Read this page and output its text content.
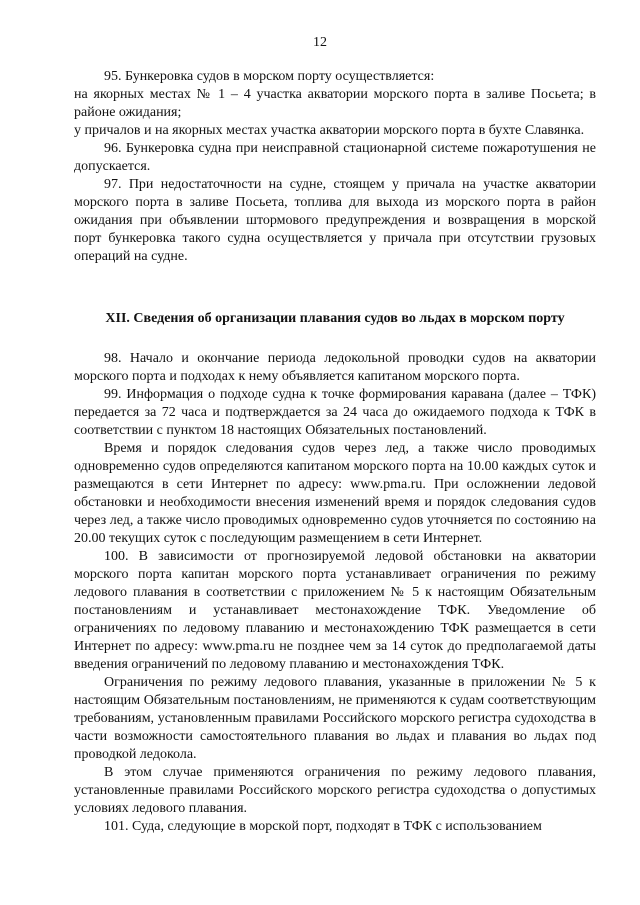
12

95. Бункеровка судов в морском порту осуществляется:

на якорных местах № 1 – 4 участка акватории морского порта в заливе Посьета; в районе ожидания;

у причалов и на якорных местах участка акватории морского порта в бухте Славянка.

96. Бункеровка судна при неисправной стационарной системе пожаротушения не допускается.

97. При недостаточности на судне, стоящем у причала на участке акватории морского порта в заливе Посьета, топлива для выхода из морского порта в район ожидания при объявлении штормового предупреждения и возвращения в морской порт бункеровка такого судна осуществляется у причала при отсутствии грузовых операций на судне.

XII. Сведения об организации плавания судов во льдах в морском порту

98. Начало и окончание периода ледокольной проводки судов на акватории морского порта и подходах к нему объявляется капитаном морского порта.

99. Информация о подходе судна к точке формирования каравана (далее – ТФК) передается за 72 часа и подтверждается за 24 часа до ожидаемого подхода к ТФК в соответствии с пунктом 18 настоящих Обязательных постановлений.

Время и порядок следования судов через лед, а также число проводимых одновременно судов определяются капитаном морского порта на 10.00 каждых суток и размещаются в сети Интернет по адресу: www.pma.ru. При осложнении ледовой обстановки и необходимости внесения изменений время и порядок следования судов через лед, а также число проводимых одновременно судов уточняется по состоянию на 20.00 текущих суток с последующим размещением в сети Интернет.

100. В зависимости от прогнозируемой ледовой обстановки на акватории морского порта капитан морского порта устанавливает ограничения по режиму ледового плавания в соответствии с приложением № 5 к настоящим Обязательным постановлениям и устанавливает местонахождение ТФК. Уведомление об ограничениях по ледовому плаванию и местонахождению ТФК размещается в сети Интернет по адресу: www.pma.ru не позднее чем за 14 суток до предполагаемой даты введения ограничений по ледовому плаванию и местонахождения ТФК.

Ограничения по режиму ледового плавания, указанные в приложении № 5 к настоящим Обязательным постановлениям, не применяются к судам соответствующим требованиям, установленным правилами Российского морского регистра судоходства в части возможности самостоятельного плавания во льдах и плавания во льдах под проводкой ледокола.

В этом случае применяются ограничения по режиму ледового плавания, установленные правилами Российского морского регистра судоходства о допустимых условиях ледового плавания.

101. Суда, следующие в морской порт, подходят в ТФК с использованием
